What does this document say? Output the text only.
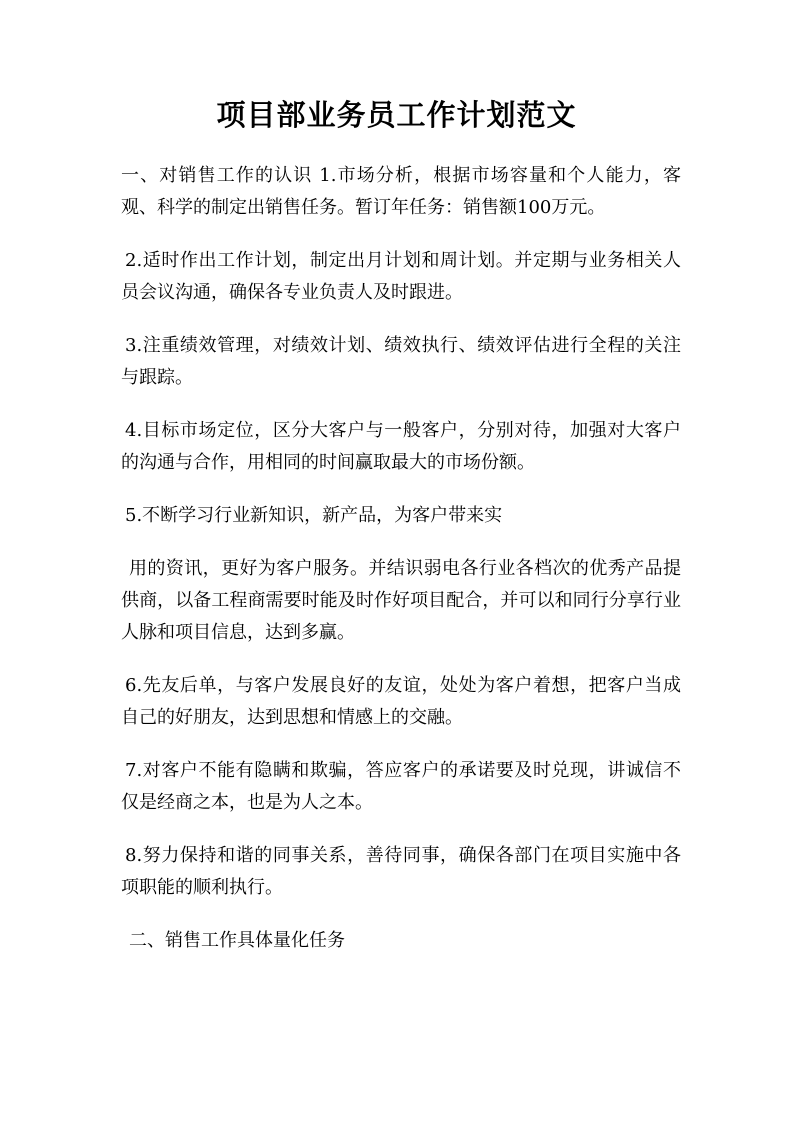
项目部业务员工作计划范文

一、对销售工作的认识 1.市场分析，根据市场容量和个人能力，客观、科学的制定出销售任务。暂订年任务：销售额100万元。

2.适时作出工作计划，制定出月计划和周计划。并定期与业务相关人员会议沟通，确保各专业负责人及时跟进。

3.注重绩效管理，对绩效计划、绩效执行、绩效评估进行全程的关注与跟踪。

4.目标市场定位，区分大客户与一般客户，分别对待，加强对大客户的沟通与合作，用相同的时间赢取最大的市场份额。

5.不断学习行业新知识，新产品，为客户带来实

用的资讯，更好为客户服务。并结识弱电各行业各档次的优秀产品提供商，以备工程商需要时能及时作好项目配合，并可以和同行分享行业人脉和项目信息，达到多赢。

6.先友后单，与客户发展良好的友谊，处处为客户着想，把客户当成自己的好朋友，达到思想和情感上的交融。

7.对客户不能有隐瞒和欺骗，答应客户的承诺要及时兑现，讲诚信不仅是经商之本，也是为人之本。

8.努力保持和谐的同事关系，善待同事，确保各部门在项目实施中各项职能的顺利执行。

二、销售工作具体量化任务
